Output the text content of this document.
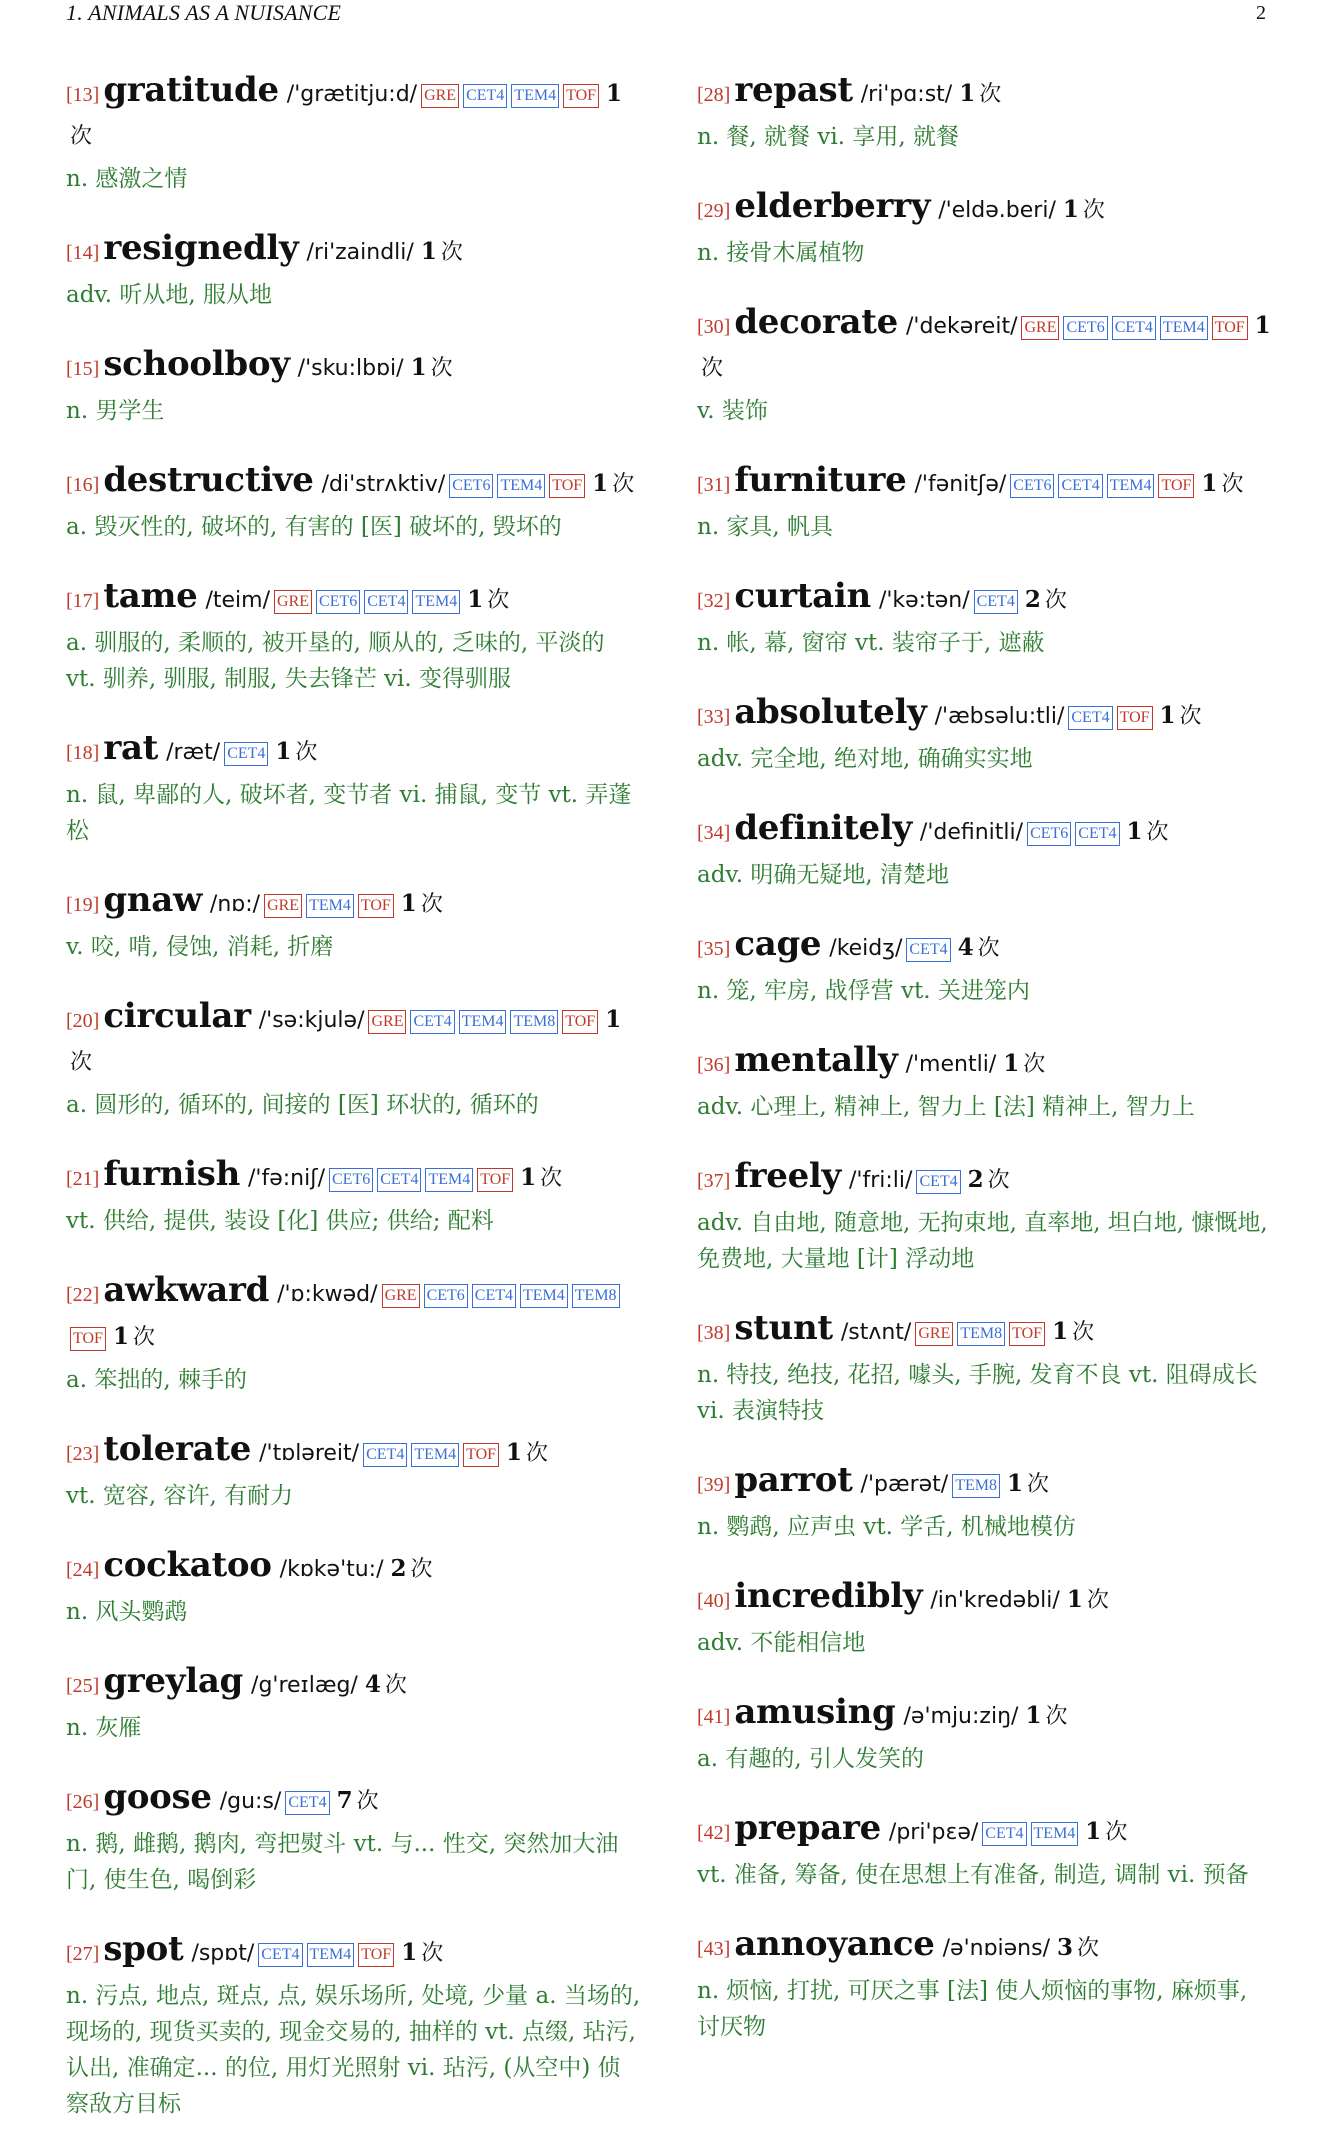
1. ANIMALS AS A NUISANCE	2
[13] gratitude /'grætitju:d/ GRE CET4 TEM4 TOF 1次
n. 感激之情
[14] resignedly /ri'zaindli/ 1 次
adv. 听从地, 服从地
[15] schoolboy /'sku:lbɒi/ 1 次
n. 男学生
[16] destructive /di'strʌktiv/ CET6 TEM4 TOF 1 次
a. 毁灭性的, 破坏的, 有害的 [医] 破坏的, 毁坏的
[17] tame /teim/ GRE CET6 CET4 TEM4 1 次
a. 驯服的, 柔顺的, 被开垦的, 顺从的, 乏味的, 平淡的 vt. 驯养, 驯服, 制服, 失去锋芒 vi. 变得驯服
[18] rat /ræt/ CET4 1 次
n. 鼠, 卑鄙的人, 破坏者, 变节者 vi. 捕鼠, 变节 vt. 弄蓬松
[19] gnaw /nɒ:/ GRE TEM4 TOF 1 次
v. 咬, 啃, 侵蚀, 消耗, 折磨
[20] circular /'sə:kjulə/ GRE CET4 TEM4 TEM8 TOF 1次
a. 圆形的, 循环的, 间接的 [医] 环状的, 循环的
[21] furnish /'fə:niʃ/ CET6 CET4 TEM4 TOF 1 次
vt. 供给, 提供, 装设 [化] 供应; 供给; 配料
[22] awkward /'ɒ:kwəd/ GRE CET6 CET4 TEM4 TEM8TOF 1 次
a. 笨拙的, 棘手的
[23] tolerate /'tɒləreit/ CET4 TEM4 TOF 1 次
vt. 宽容, 容许, 有耐力
[24] cockatoo /kɒkə'tu:/ 2 次
n. 风头鹦鹉
[25] greylag /g'reɪlæg/ 4 次
n. 灰雁
[26] goose /gu:s/ CET4 7 次
n. 鹅, 雌鹅, 鹅肉, 弯把熨斗 vt. 与... 性交, 突然加大油门, 使生色, 喝倒彩
[27] spot /spɒt/ CET4 TEM4 TOF 1 次
n. 污点, 地点, 斑点, 点, 娱乐场所, 处境, 少量 a. 当场的, 现场的, 现货买卖的, 现金交易的, 抽样的 vt. 点缀, 玷污, 认出, 准确定... 的位, 用灯光照射 vi. 玷污, (从空中) 侦察敌方目标
[28] repast /ri'pɑ:st/ 1 次
n. 餐, 就餐 vi. 享用, 就餐
[29] elderberry /'eldə.beri/ 1 次
n. 接骨木属植物
[30] decorate /'dekəreit/ GRE CET6 CET4 TEM4 TOF 1次
v. 装饰
[31] furniture /'fənitʃə/ CET6 CET4 TEM4 TOF 1 次
n. 家具, 帆具
[32] curtain /'kə:tən/ CET4 2 次
n. 帐, 幕, 窗帘 vt. 装帘子于, 遮蔽
[33] absolutely /'æbsəlu:tli/ CET4 TOF 1 次
adv. 完全地, 绝对地, 确确实实地
[34] definitely /'definitli/ CET6 CET4 1 次
adv. 明确无疑地, 清楚地
[35] cage /keidʒ/ CET4 4 次
n. 笼, 牢房, 战俘营 vt. 关进笼内
[36] mentally /'mentli/ 1 次
adv. 心理上, 精神上, 智力上 [法] 精神上, 智力上
[37] freely /'fri:li/ CET4 2 次
adv. 自由地, 随意地, 无拘束地, 直率地, 坦白地, 慷慨地, 免费地, 大量地 [计] 浮动地
[38] stunt /stʌnt/ GRE TEM8 TOF 1 次
n. 特技, 绝技, 花招, 噱头, 手腕, 发育不良 vt. 阻碍成长 vi. 表演特技
[39] parrot /'pærət/ TEM8 1 次
n. 鹦鹉, 应声虫 vt. 学舌, 机械地模仿
[40] incredibly /in'kredəbli/ 1 次
adv. 不能相信地
[41] amusing /ə'mju:ziŋ/ 1 次
a. 有趣的, 引人发笑的
[42] prepare /pri'pɛə/ CET4 TEM4 1 次
vt. 准备, 筹备, 使在思想上有准备, 制造, 调制 vi. 预备
[43] annoyance /ə'nɒiəns/ 3 次
n. 烦恼, 打扰, 可厌之事 [法] 使人烦恼的事物, 麻烦事, 讨厌物
